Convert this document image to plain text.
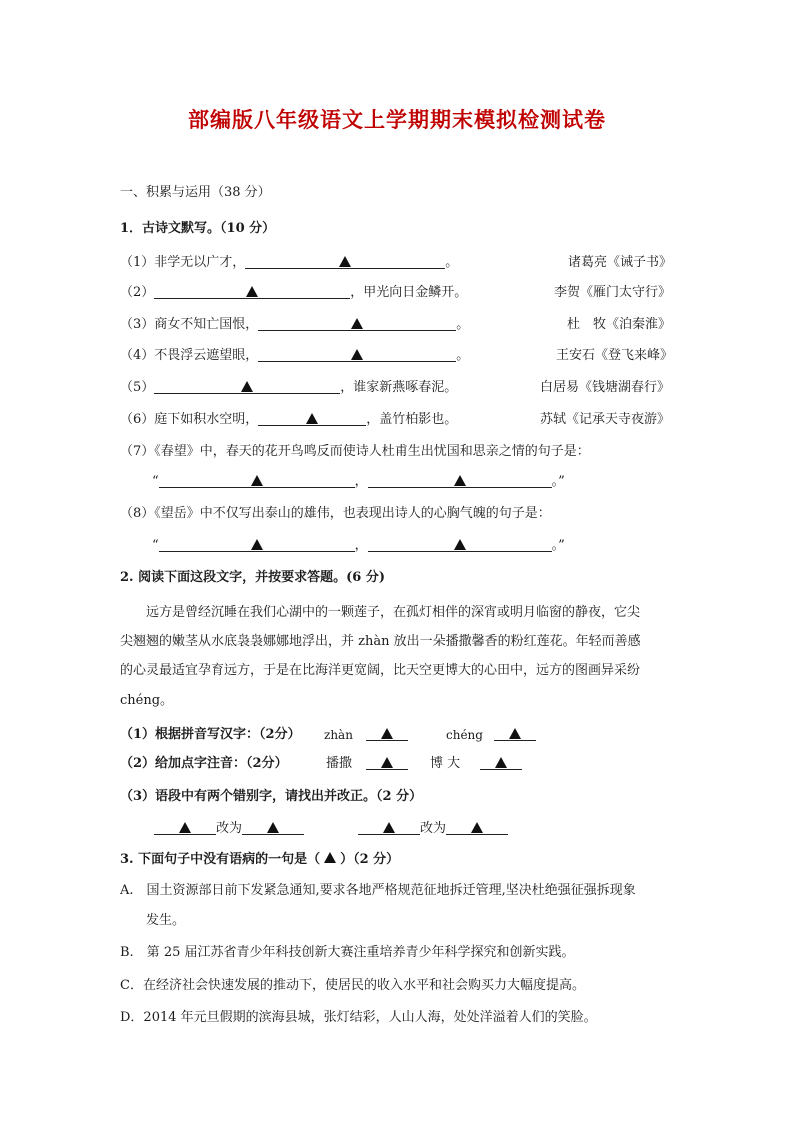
部编版八年级语文上学期期末模拟检测试卷
一、积累与运用（38 分）
1．古诗文默写。（10 分）
（1）非学无以广才，	。	诸葛亮《诫子书》
（2）	，甲光向日金鳞开。	李贺《雁门太守行》
（3）商女不知亡国恨，	。	杜　牧《泊秦淮》
（4）不畏浮云遮望眼，	。	王安石《登飞来峰》
（5）	，谁家新燕啄春泥。	白居易《钱塘湖春行》
（6）庭下如积水空明，	，盖竹柏影也。	苏轼《记承天寺夜游》
（7）《春望》中，春天的花开鸟鸣反而使诗人杜甫生出忧国和思亲之情的句子是：
“	，	。”
（8）《望岳》中不仅写出泰山的雄伟，也表现出诗人的心胸气魄的句子是：
“	，	。”
2. 阅读下面这段文字，并按要求答题。(6 分)
远方是曾经沉睡在我们心湖中的一颗莲子，在孤灯相伴的深宵或明月临窗的静夜，它尖
尖翘翘的嫩茎从水底袅袅娜娜地浮出，并 zhàn 放出一朵播撒馨香的粉红莲花。年轻而善感
的心灵最适宜孕育远方，于是在比海洋更宽阔，比天空更博大的心田中，远方的图画异采纷
chéng。
（1）根据拼音写汉字：（2分） zhàn	chéng
（2）给加点字注音：（2分）	播撒	博 大
（3）语段中有两个错别字，请找出并改正。（2 分）
改为	改为
3. 下面句子中没有语病的一句是（ ）（2 分）
A.　国土资源部日前下发紧急通知,要求各地严格规范征地拆迁管理,坚决杜绝强征强拆现象
发生。
B.　第 25 届江苏省青少年科技创新大赛注重培养青少年科学探究和创新实践。
C．在经济社会快速发展的推动下，使居民的收入水平和社会购买力大幅度提高。
D．2014 年元旦假期的滨海县城，张灯结彩，人山人海，处处洋溢着人们的笑脸。
